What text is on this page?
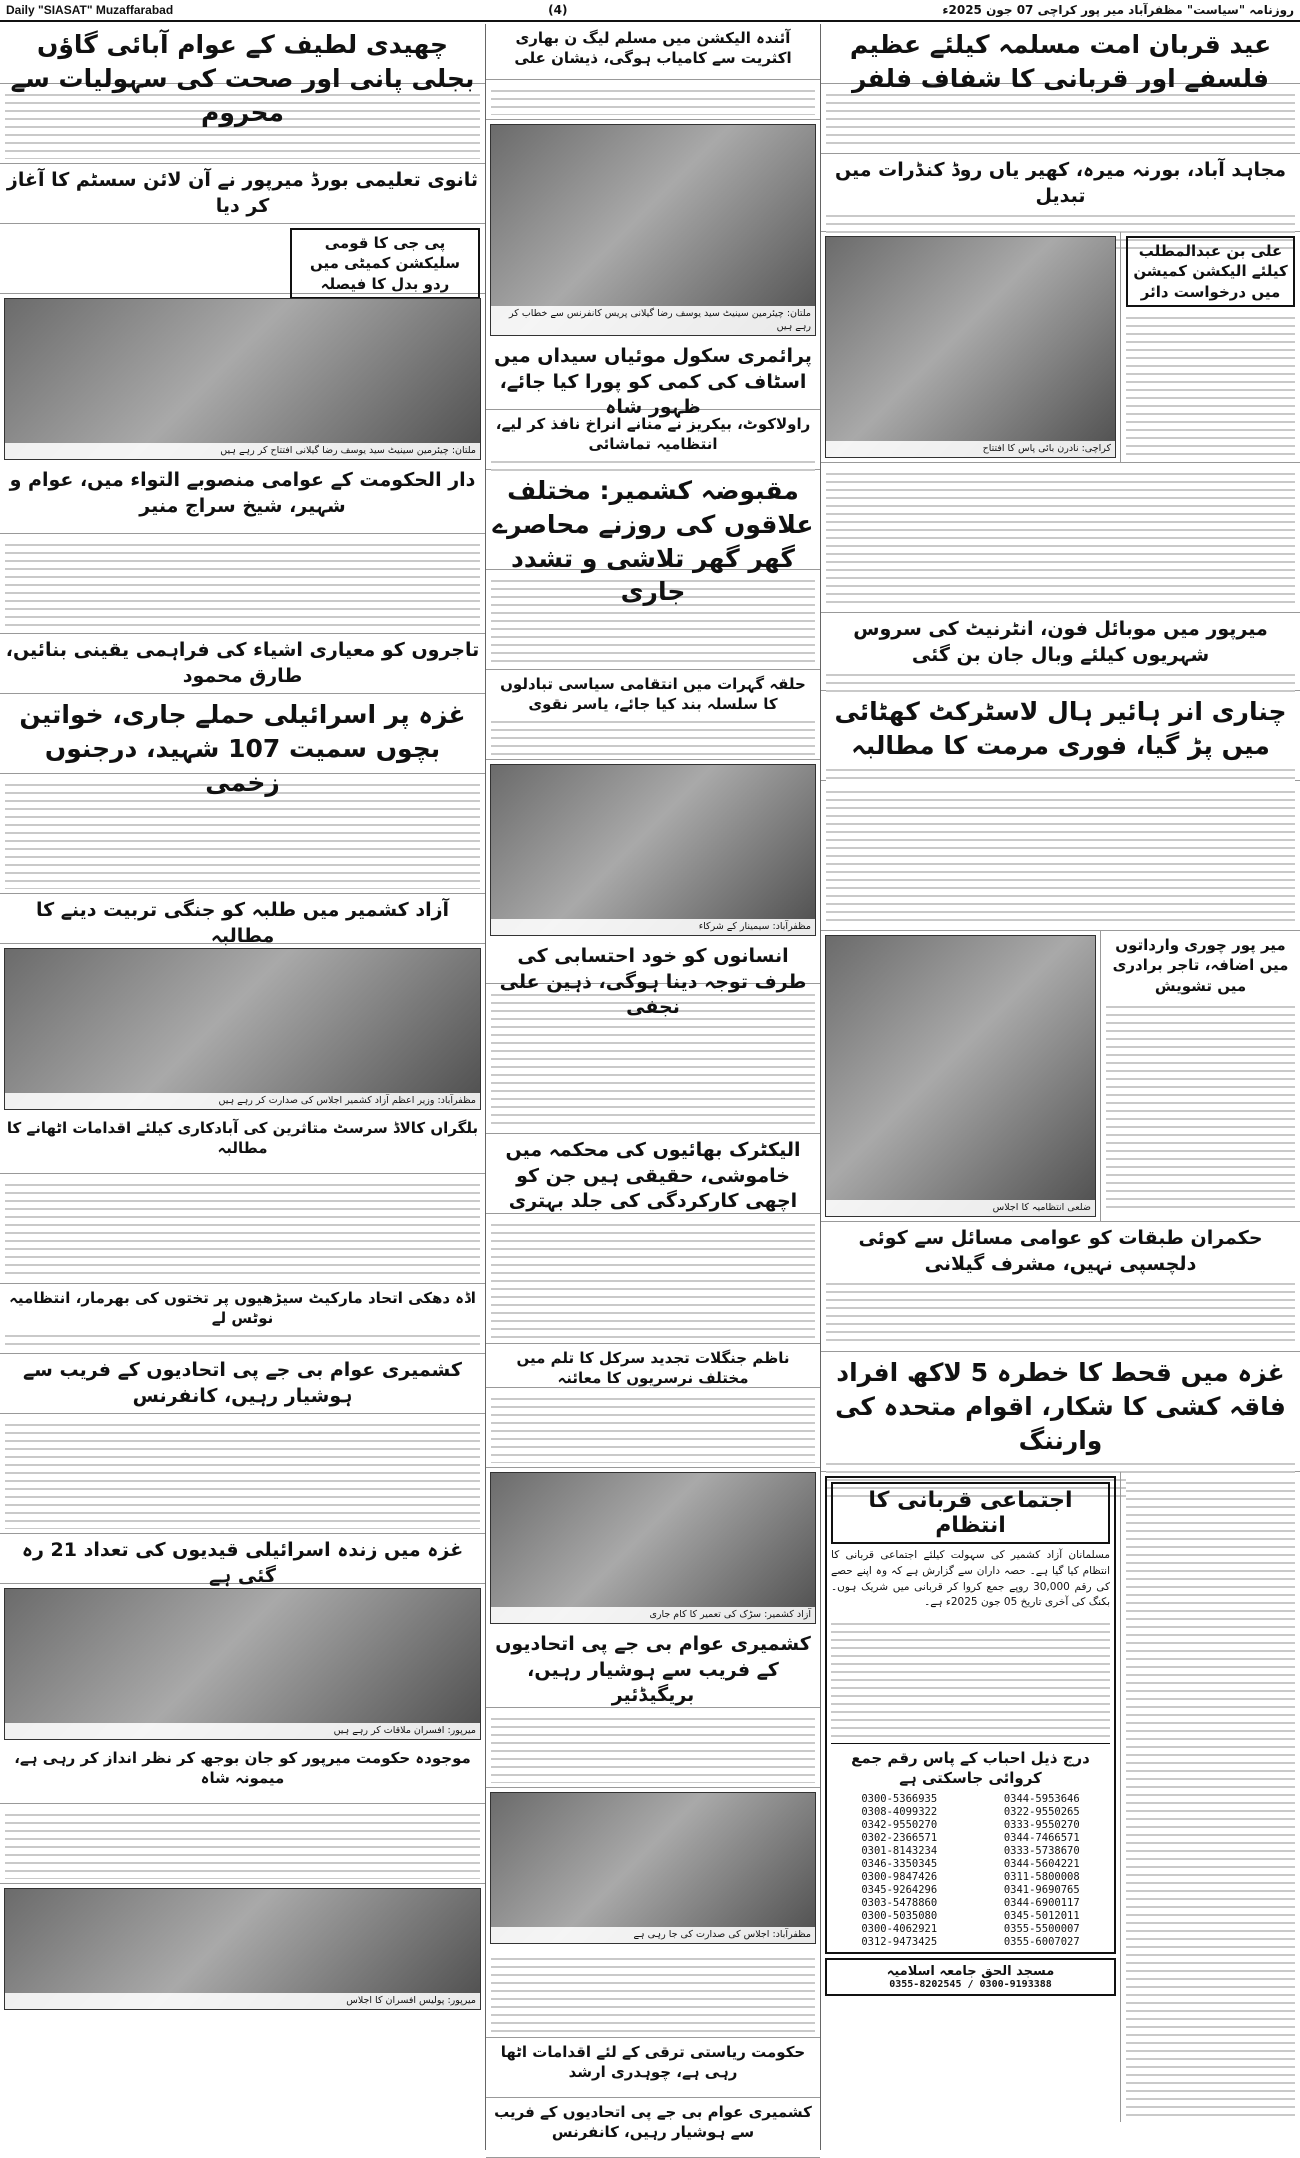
Daily "SIASAT" Muzaffarabad	(4)	روزنامہ "سیاست" مظفرآباد میر پور کراچی 07 جون 2025ء
عید قربان امت مسلمہ کیلئے عظیم فلسفے اور قربانی کا شفاف فلفر
مجاہد آباد، بورنہ میرہ، کھیر یاں روڈ کنڈرات میں تبدیل
علی بن عبدالمطلب کیلئے الیکشن کمیشن میں درخواست دائر
کراچی: نادرن بائی پاس کا افتتاح
میرپور میں موبائل فون، انٹرنیٹ کی سروس شہریوں کیلئے وبال جان بن گئی
چناری انر ہائیر ہال لاسٹرکٹ کھٹائی میں پڑ گیا، فوری مرمت کا مطالبہ
میر پور چوری وارداتوں میں اضافہ، تاجر برادری میں تشویش
ضلعی انتظامیہ کا اجلاس
حکمران طبقات کو عوامی مسائل سے کوئی دلچسپی نہیں، مشرف گیلانی
غزہ میں قحط کا خطرہ 5 لاکھ افراد فاقہ کشی کا شکار، اقوام متحدہ کی وارننگ
اجتماعی قربانی کا انتظام
مسلمانان آزاد کشمیر کی سہولت کیلئے اجتماعی قربانی کا انتظام کیا گیا ہے۔ حصہ داران سے گزارش ہے کہ وہ اپنے حصے کی رقم 30,000 روپے جمع کروا کر قربانی میں شریک ہوں۔ بکنگ کی آخری تاریخ 05 جون 2025ء ہے۔
درج ذیل احباب کے پاس رقم جمع کروائی جاسکتی ہے
0300-5366935	0344-5953646
0308-4099322	0322-9550265
0342-9550270	0333-9550270
0302-2366571	0344-7466571
0301-8143234	0333-5738670
0346-3350345	0344-5604221
0300-9847426	0311-5800008
0345-9264296	0341-9690765
0303-5478860	0344-6900117
0300-5035080	0345-5012011
0300-4062921	0355-5500007
0312-9473425	0355-6007027
مسجد الحق جامعہ اسلامیہ
0300-9193388 / 0355-8202545
آئندہ الیکشن میں مسلم لیگ ن بھاری اکثریت سے کامیاب ہوگی، ذیشان علی
ملتان: چیئرمین سینیٹ سید یوسف رضا گیلانی پریس کانفرنس سے خطاب کر رہے ہیں
پرائمری سکول موئیاں سیداں میں اسٹاف کی کمی کو پورا کیا جائے، ظہور شاہ
راولاکوٹ، بیکریز نے منانے انراخ نافذ کر لیے، انتظامیہ تماشائی
مقبوضہ کشمیر: مختلف علاقوں کی روزنے محاصرے گھر گھر تلاشی و تشدد جاری
حلقہ گہرات میں انتقامی سیاسی تبادلوں کا سلسلہ بند کیا جائے، یاسر نقوی
مظفرآباد: سیمینار کے شرکاء
انسانوں کو خود احتسابی کی طرف توجہ دینا ہوگی، ذہین علی نجفی
الیکٹرک بھائیوں کی محکمہ میں خاموشی، حقیقی ہیں جن کو اچھی کارکردگی کی جلد بہتری
ناظم جنگلات تجدید سرکل کا تلم میں مختلف نرسریوں کا معائنہ
آزاد کشمیر: سڑک کی تعمیر کا کام جاری
کشمیری عوام بی جے پی اتحادیوں کے فریب سے ہوشیار رہیں، بریگیڈئیر
مظفرآباد: اجلاس کی صدارت کی جا رہی ہے
حکومت ریاستی ترقی کے لئے اقدامات اٹھا رہی ہے، چوہدری ارشد
کشمیری عوام بی جے پی اتحادیوں کے فریب سے ہوشیار رہیں، کانفرنس
چھیدی لطیف کے عوام آبائی گاؤں بجلی پانی اور صحت کی سہولیات سے محروم
ثانوی تعلیمی بورڈ میرپور نے آن لائن سسٹم کا آغاز کر دیا
پی جی کا قومی سلیکشن کمیٹی میں ردو بدل کا فیصلہ
ملتان: چیئرمین سینیٹ سید یوسف رضا گیلانی افتتاح کر رہے ہیں
دار الحکومت کے عوامی منصوبے التواء میں، عوام و شہیر، شیخ سراج منیر
تاجروں کو معیاری اشیاء کی فراہمی یقینی بنائیں، طارق محمود
غزہ پر اسرائیلی حملے جاری، خواتین بچوں سمیت 107 شہید، درجنوں زخمی
آزاد کشمیر میں طلبہ کو جنگی تربیت دینے کا مطالبہ
مظفرآباد: وزیر اعظم آزاد کشمیر اجلاس کی صدارت کر رہے ہیں
بلگراں کالاڈ سرسٹ متاثرین کی آبادکاری کیلئے اقدامات اٹھانے کا مطالبہ
اڈہ دھکی اتحاد مارکیٹ سیڑھیوں پر تختوں کی بھرمار، انتظامیہ نوٹس لے
کشمیری عوام بی جے پی اتحادیوں کے فریب سے ہوشیار رہیں، کانفرنس
غزہ میں زندہ اسرائیلی قیدیوں کی تعداد 21 رہ گئی ہے
میرپور: افسران ملاقات کر رہے ہیں
موجودہ حکومت میرپور کو جان بوجھ کر نظر انداز کر رہی ہے، میمونہ شاہ
میرپور: پولیس افسران کا اجلاس
